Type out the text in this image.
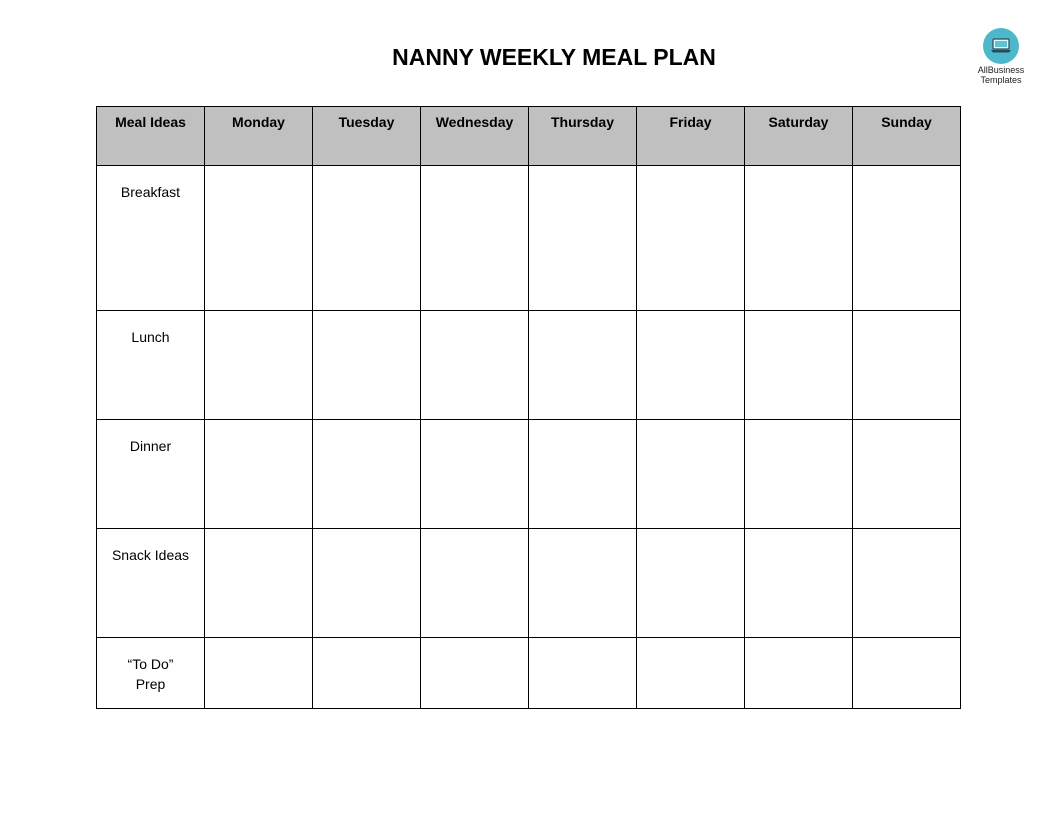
AllBusiness
Templates
NANNY WEEKLY MEAL PLAN
Meal Ideas	Monday	Tuesday	Wednesday	Thursday	Friday	Saturday	Sunday
Breakfast							
Lunch							
Dinner							
Snack Ideas							

“To Do”
Prep							
